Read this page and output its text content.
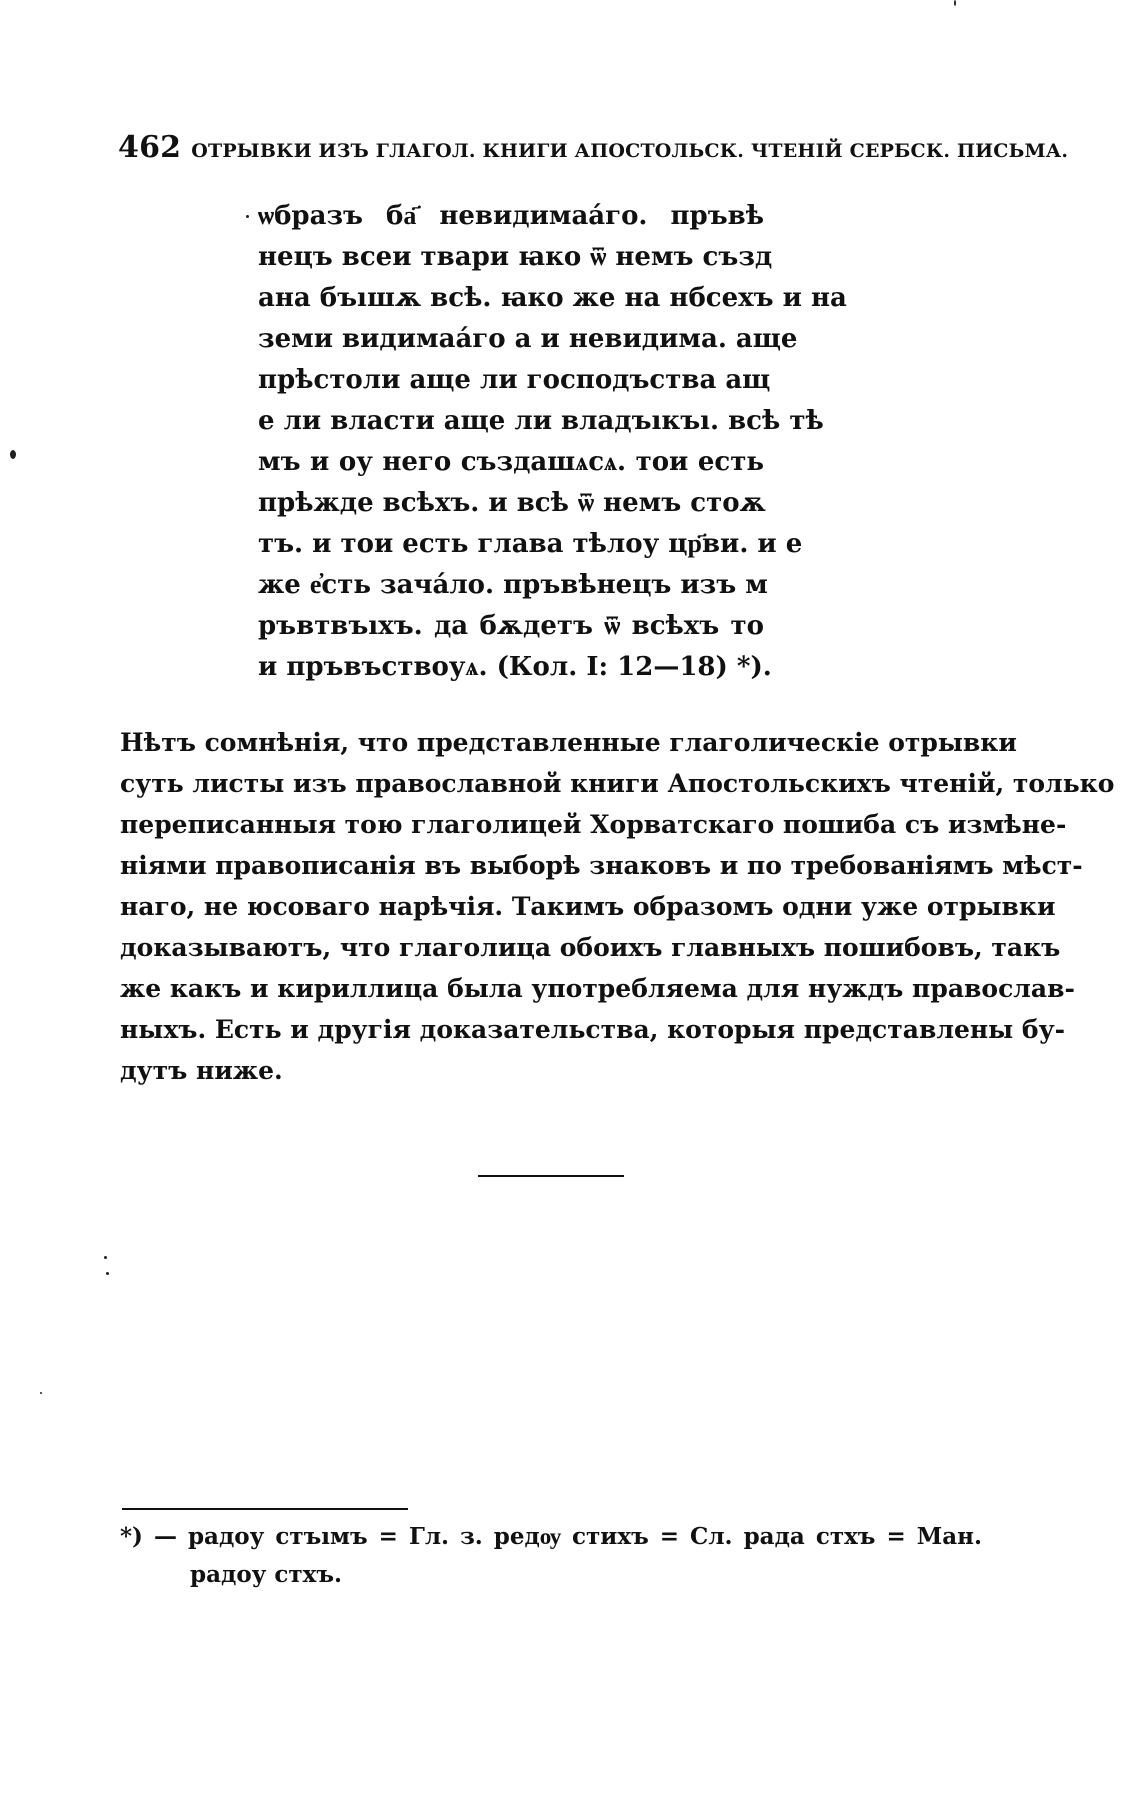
462 ОТРЫВКИ ИЗЪ ГЛАГОЛ. КНИГИ АПОСТОЛЬСК. ЧТЕНІЙ СЕРБСК. ПИСЬМА.
ѡбразъ ба҃ невидимаа́го. пръвѣ
нецъ всеи твари ꙗко ѿ немъ създ
ана бъıшѫ всѣ. ꙗко же на нбсехъ и на
земи видимаа́го а и невидима. аще
прѣстоли аще ли господъства ащ
е ли власти аще ли владъıкъı. всѣ тѣ
мъ и оу него създашѧсѧ. тои есть
прѣжде всѣхъ. и всѣ ѿ немъ стоѫ
тъ. и тои есть глава тѣлоу цр҃ви. и е
же е҆сть зача́ло. пръвѣнецъ изъ м
ръвтвъıхъ. да бѫдетъ ѿ всѣхъ то
и пръвъствоуѧ. (Кол. I: 12—18) *).
Нѣтъ сомнѣнія, что представленные глаголическіе отрывки
суть листы изъ православной книги Апостольскихъ чтеній, только
переписанныя тою глаголицей Хорватскаго пошиба съ измѣне-
ніями правописанія въ выборѣ знаковъ и по требованіямъ мѣст-
наго, не юсоваго нарѣчія. Такимъ образомъ одни уже отрывки
доказываютъ, что глаголица обоихъ главныхъ пошибовъ, такъ
же какъ и кириллица была употребляема для нуждъ православ-
ныхъ. Есть и другія доказательства, которыя представлены бу-
дутъ ниже.
*) — радоу стъıмъ = Гл. з. редѹ стихъ = Сл. рада стхъ = Ман.
радоу стхъ.
